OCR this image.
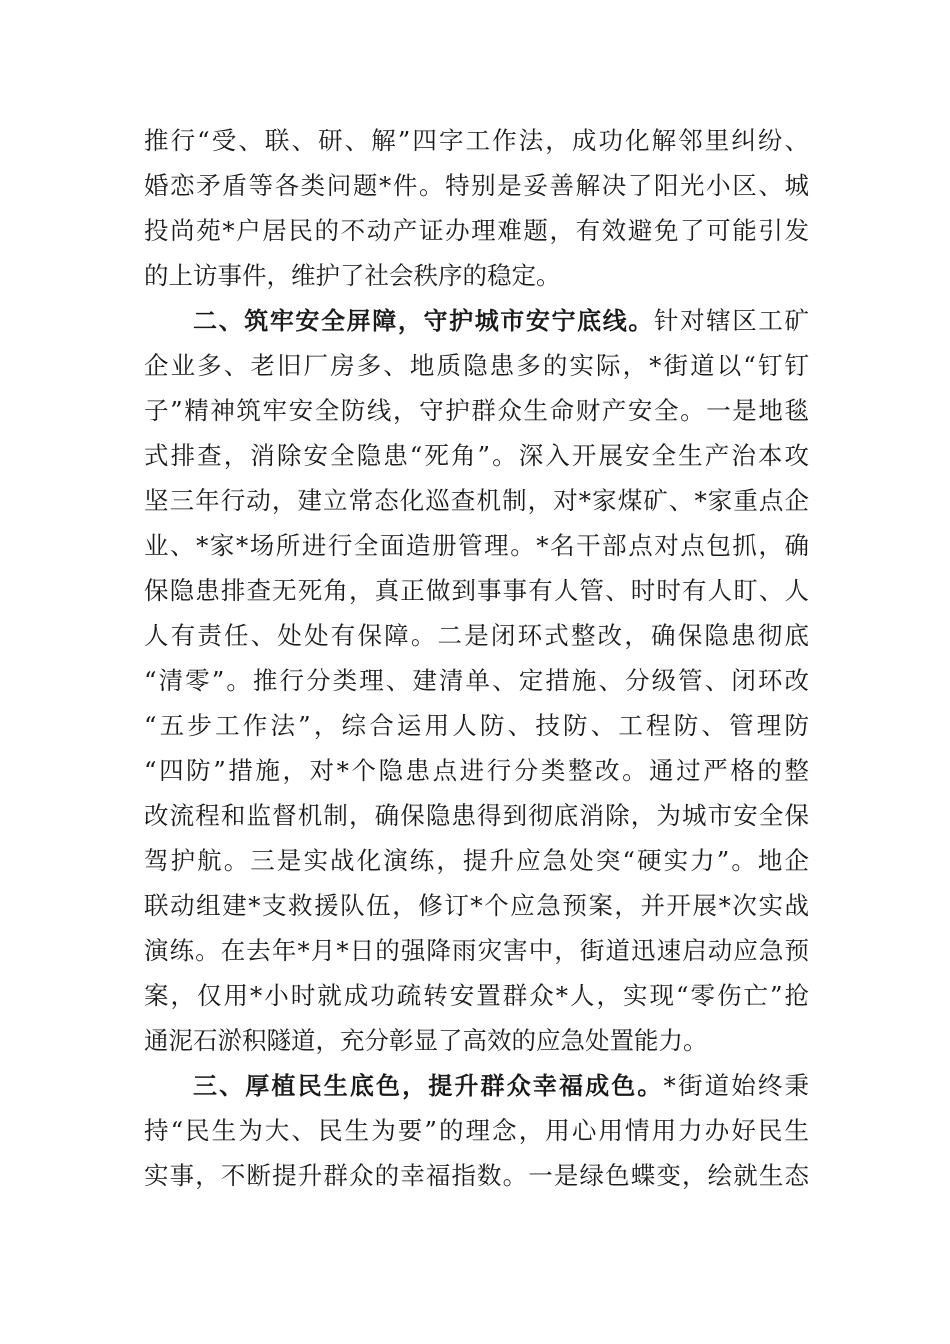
推行“受、联、研、解”四字工作法，成功化解邻里纠纷、
婚恋矛盾等各类问题*件。特别是妥善解决了阳光小区、城
投尚苑*户居民的不动产证办理难题，有效避免了可能引发
的上访事件，维护了社会秩序的稳定。
二、筑牢安全屏障，守护城市安宁底线。针对辖区工矿
企业多、老旧厂房多、地质隐患多的实际，*街道以“钉钉
子”精神筑牢安全防线，守护群众生命财产安全。一是地毯
式排查，消除安全隐患“死角”。深入开展安全生产治本攻
坚三年行动，建立常态化巡查机制，对*家煤矿、*家重点企
业、*家*场所进行全面造册管理。*名干部点对点包抓，确
保隐患排查无死角，真正做到事事有人管、时时有人盯、人
人有责任、处处有保障。二是闭环式整改，确保隐患彻底
“清零”。推行分类理、建清单、定措施、分级管、闭环改
“五步工作法”，综合运用人防、技防、工程防、管理防
“四防”措施，对*个隐患点进行分类整改。通过严格的整
改流程和监督机制，确保隐患得到彻底消除，为城市安全保
驾护航。三是实战化演练，提升应急处突“硬实力”。地企
联动组建*支救援队伍，修订*个应急预案，并开展*次实战
演练。在去年*月*日的强降雨灾害中，街道迅速启动应急预
案，仅用*小时就成功疏转安置群众*人，实现“零伤亡”抢
通泥石淤积隧道，充分彰显了高效的应急处置能力。
三、厚植民生底色，提升群众幸福成色。*街道始终秉
持“民生为大、民生为要”的理念，用心用情用力办好民生
实事，不断提升群众的幸福指数。一是绿色蝶变，绘就生态
